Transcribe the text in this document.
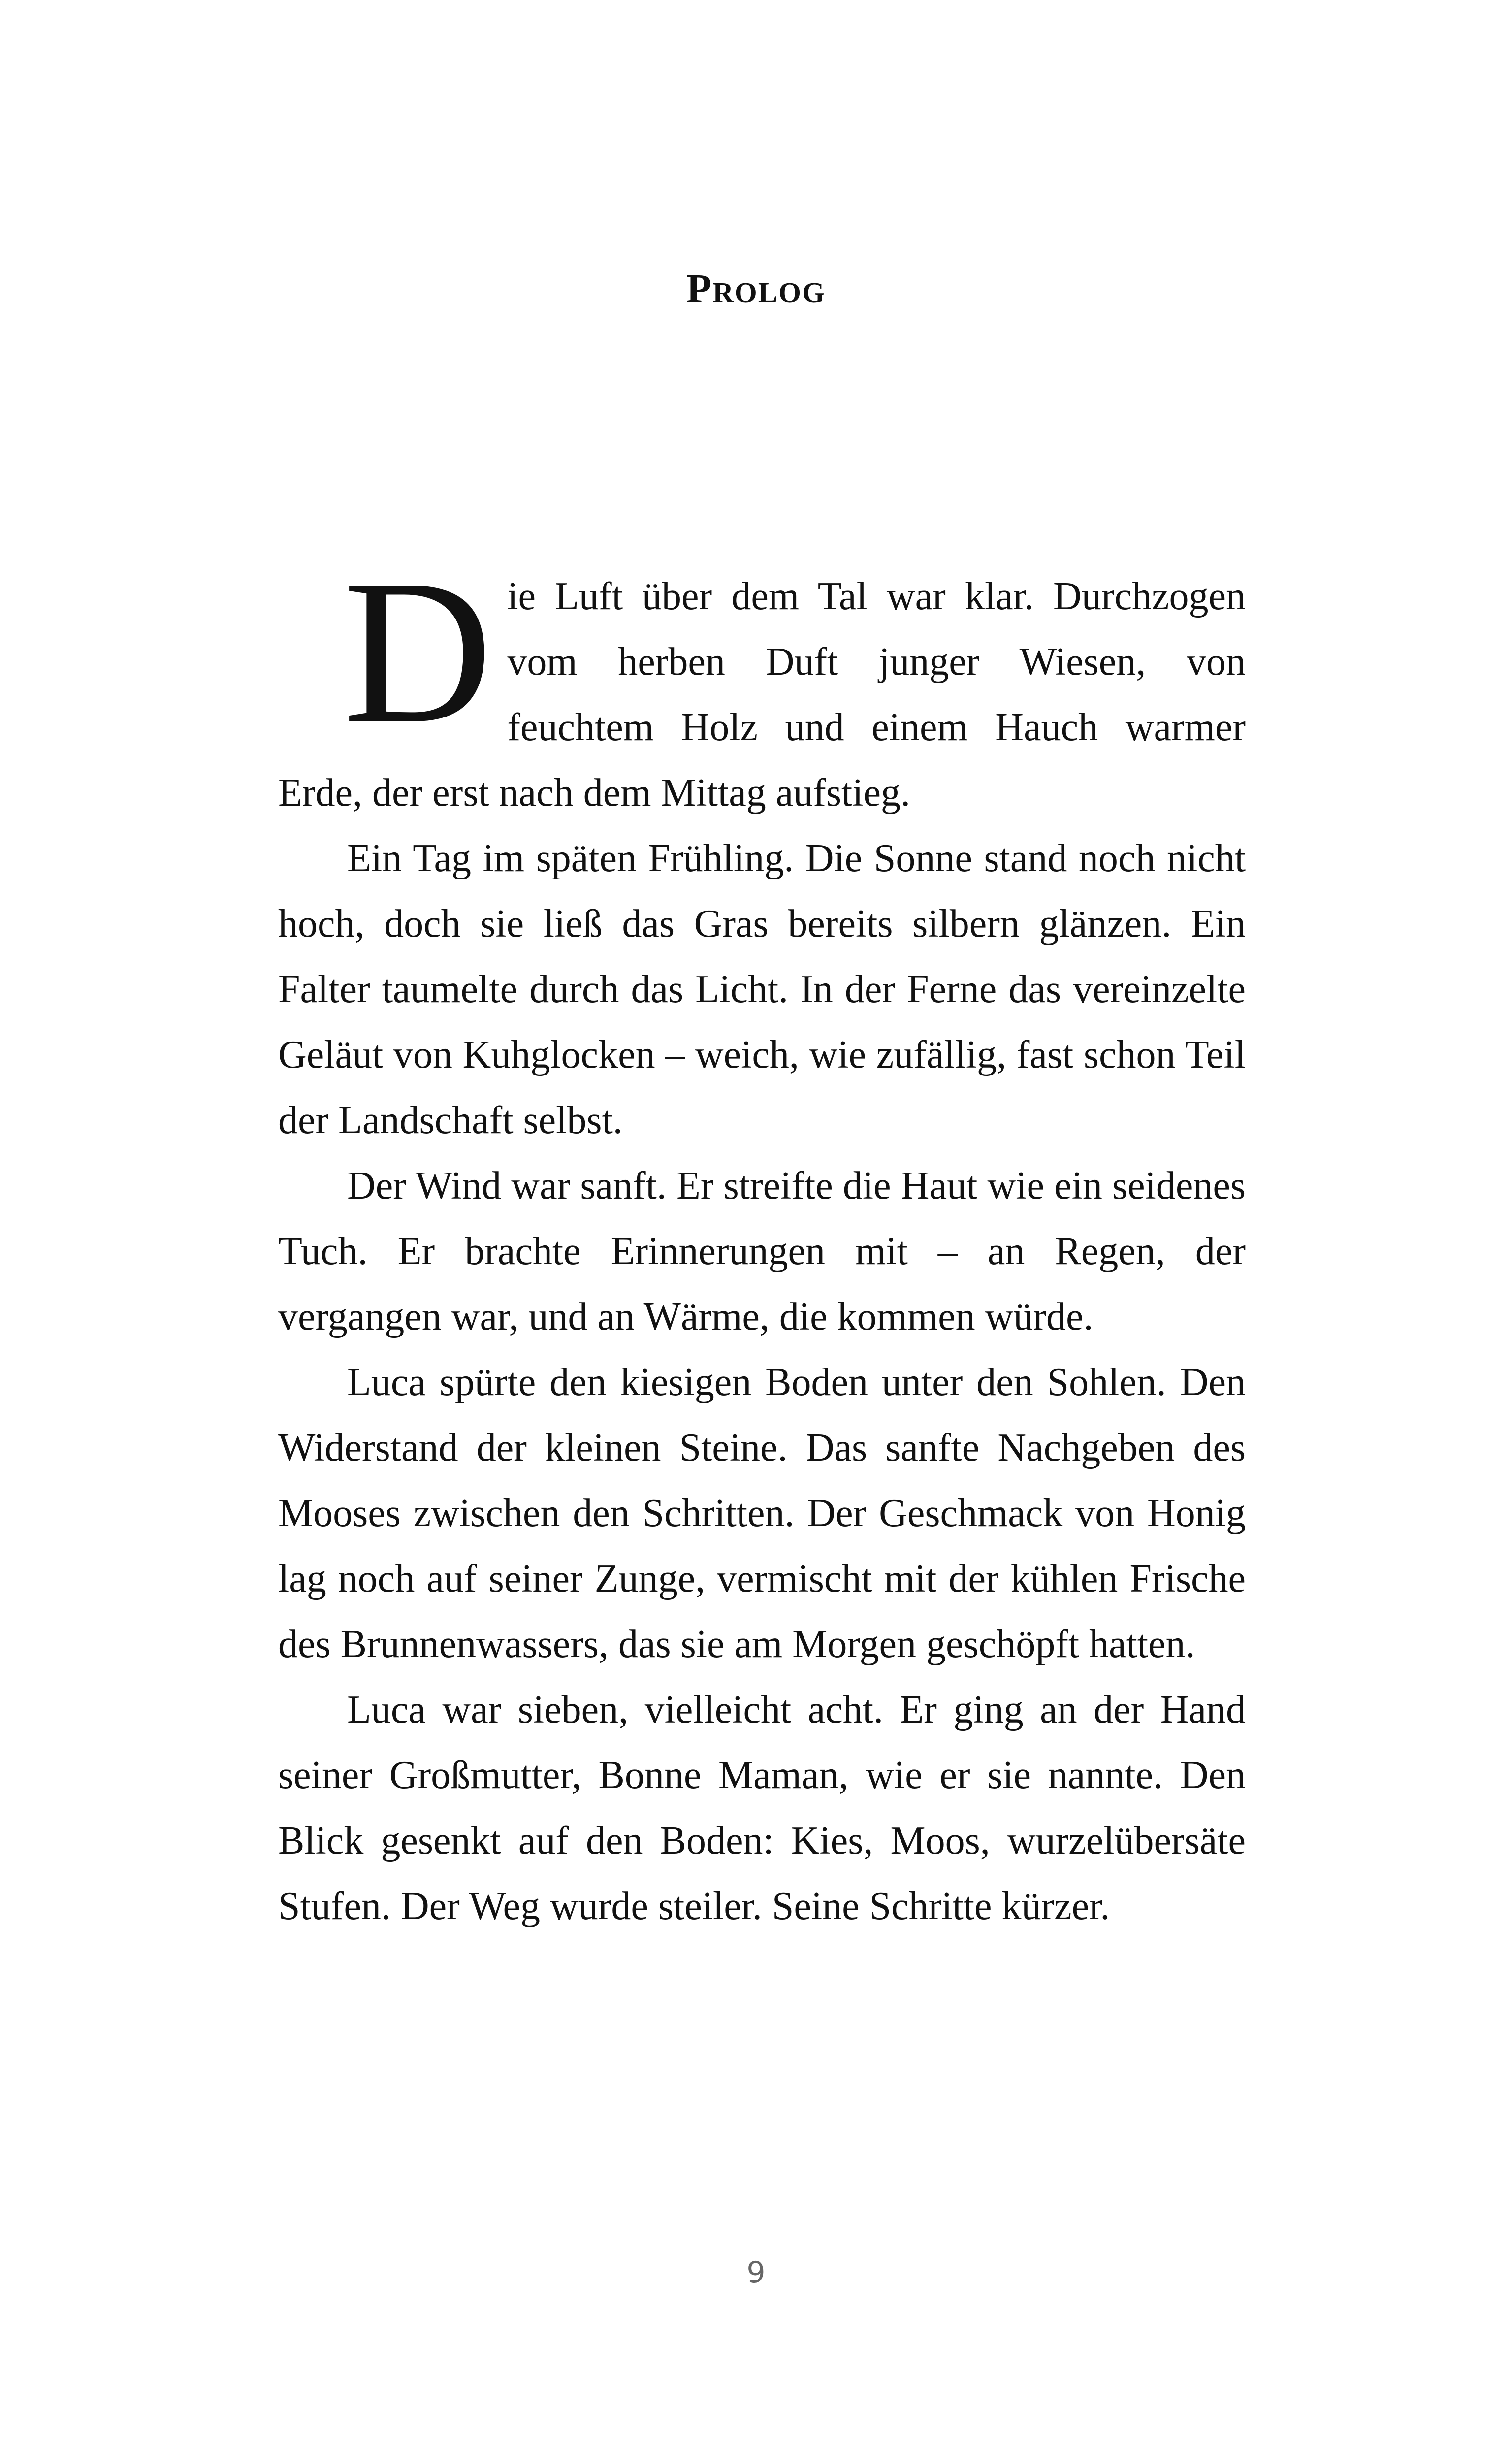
Prolog

Die Luft über dem Tal war klar. Durchzogen vom herben Duft junger Wiesen, von feuchtem Holz und einem Hauch warmer Erde, der erst nach dem Mittag aufstieg.

Ein Tag im späten Frühling. Die Sonne stand noch nicht hoch, doch sie ließ das Gras bereits silbern glänzen. Ein Falter taumelte durch das Licht. In der Ferne das vereinzelte Geläut von Kuhglocken – weich, wie zufällig, fast schon Teil der Landschaft selbst.

Der Wind war sanft. Er streifte die Haut wie ein seidenes Tuch. Er brachte Erinnerungen mit – an Regen, der vergangen war, und an Wärme, die kommen würde.

Luca spürte den kiesigen Boden unter den Sohlen. Den Widerstand der kleinen Steine. Das sanfte Nachgeben des Mooses zwischen den Schritten. Der Geschmack von Honig lag noch auf seiner Zunge, vermischt mit der kühlen Frische des Brunnenwassers, das sie am Morgen geschöpft hatten.

Luca war sieben, vielleicht acht. Er ging an der Hand seiner Großmutter, Bonne Maman, wie er sie nannte. Den Blick gesenkt auf den Boden: Kies, Moos, wurzelübersäte Stufen. Der Weg wurde steiler. Seine Schritte kürzer.

9
